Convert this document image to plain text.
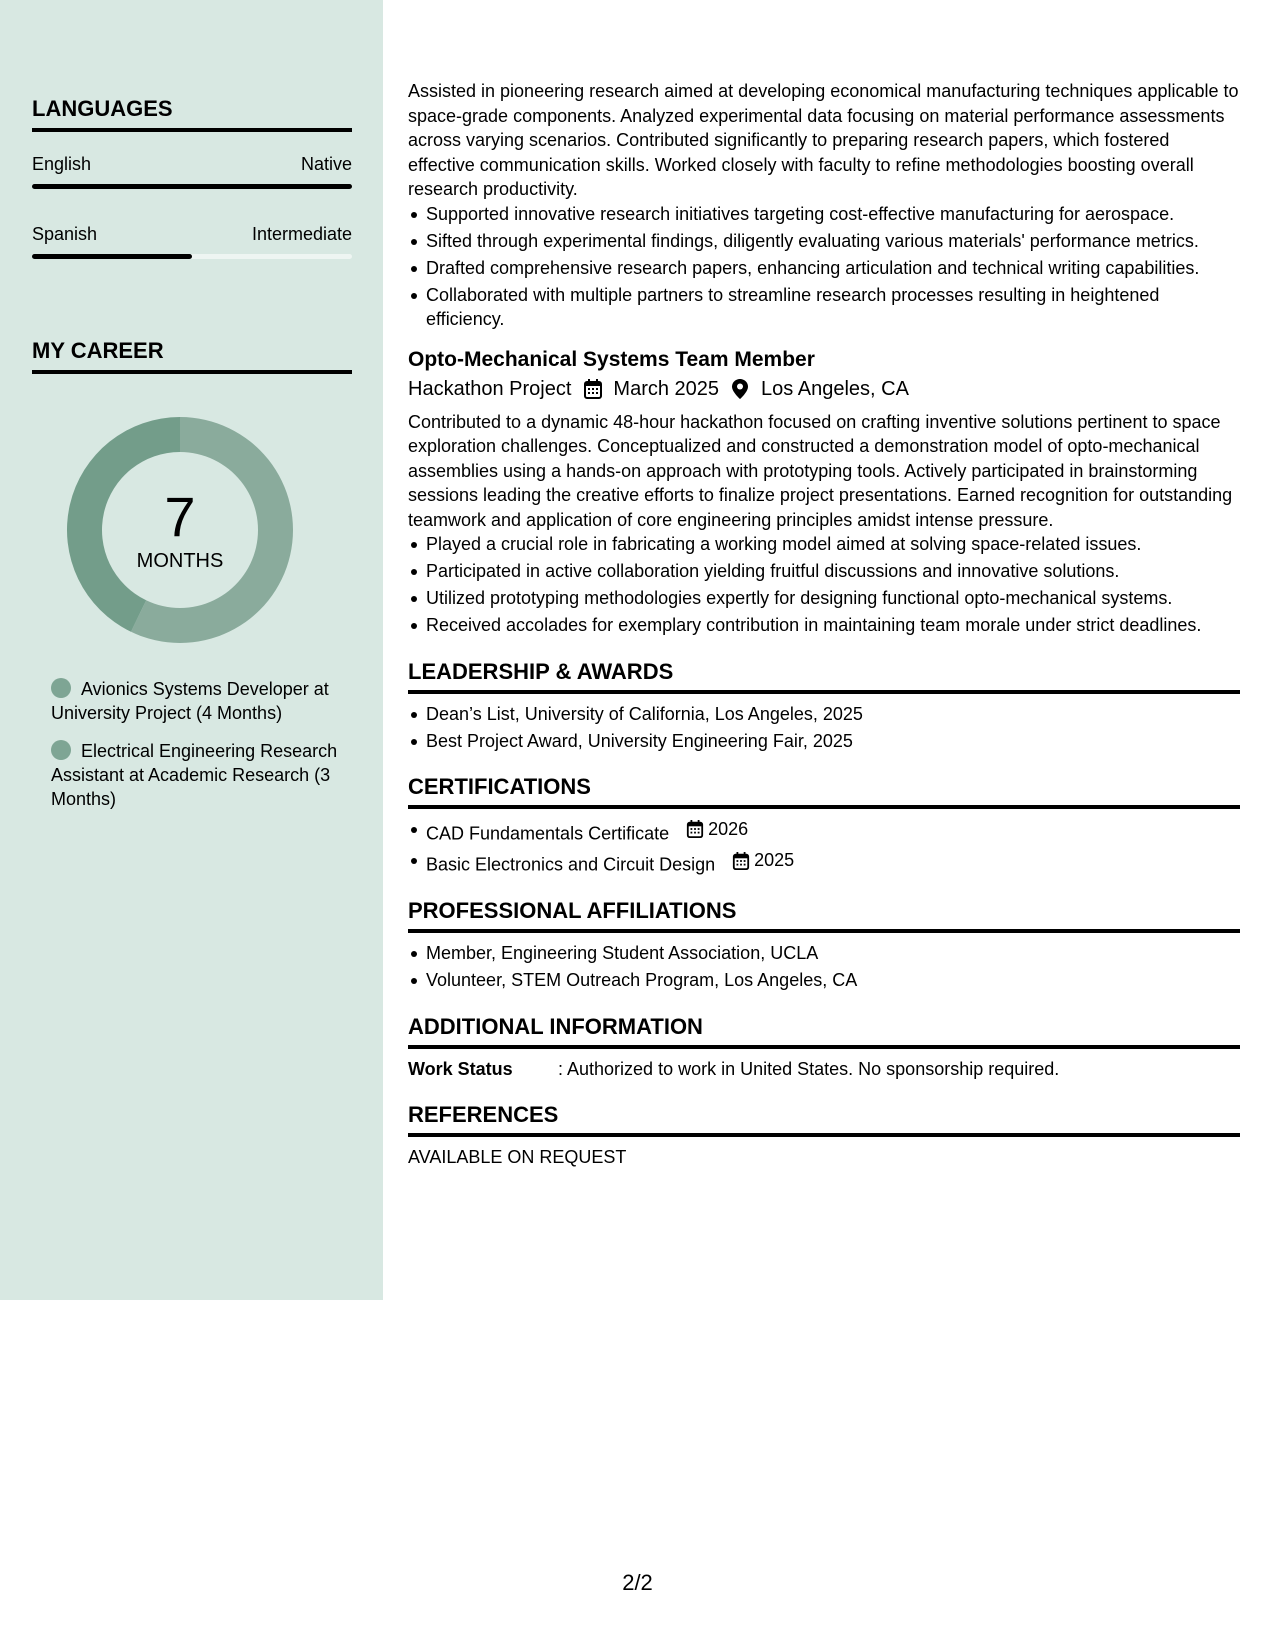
LANGUAGES
English	Native
Spanish	Intermediate
MY CAREER
7
MONTHS
Avionics Systems Developer at University Project (4 Months)
Electrical Engineering Research Assistant at Academic Research (3 Months)

Assisted in pioneering research aimed at developing economical manufacturing techniques applicable to space-grade components. Analyzed experimental data focusing on material performance assessments across varying scenarios. Contributed significantly to preparing research papers, which fostered effective communication skills. Worked closely with faculty to refine methodologies boosting overall research productivity.

Supported innovative research initiatives targeting cost-effective manufacturing for aerospace.
Sifted through experimental findings, diligently evaluating various materials' performance metrics.
Drafted comprehensive research papers, enhancing articulation and technical writing capabilities.
Collaborated with multiple partners to streamline research processes resulting in heightened efficiency.
Opto-Mechanical Systems Team Member
Hackathon Project March 2025 Los Angeles, CA

Contributed to a dynamic 48-hour hackathon focused on crafting inventive solutions pertinent to space exploration challenges. Conceptualized and constructed a demonstration model of opto-mechanical assemblies using a hands-on approach with prototyping tools. Actively participated in brainstorming sessions leading the creative efforts to finalize project presentations. Earned recognition for outstanding teamwork and application of core engineering principles amidst intense pressure.

Played a crucial role in fabricating a working model aimed at solving space-related issues.
Participated in active collaboration yielding fruitful discussions and innovative solutions.
Utilized prototyping methodologies expertly for designing functional opto-mechanical systems.
Received accolades for exemplary contribution in maintaining team morale under strict deadlines.
LEADERSHIP & AWARDS
Dean’s List, University of California, Los Angeles, 2025
Best Project Award, University Engineering Fair, 2025
CERTIFICATIONS
CAD Fundamentals Certificate 2026
Basic Electronics and Circuit Design 2025
PROFESSIONAL AFFILIATIONS
Member, Engineering Student Association, UCLA
Volunteer, STEM Outreach Program, Los Angeles, CA
ADDITIONAL INFORMATION
Work Status	: Authorized to work in United States. No sponsorship required.
REFERENCES
AVAILABLE ON REQUEST
2/2
